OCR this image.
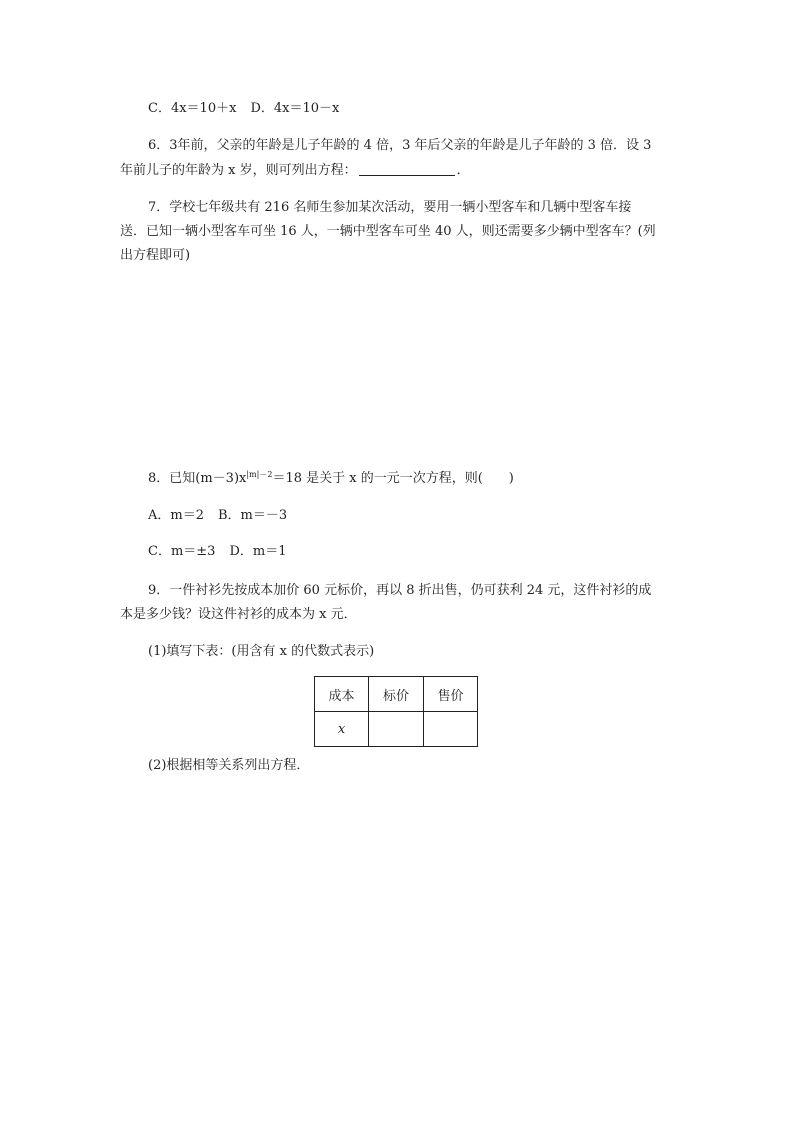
C．4x＝10＋x D．4x＝10－x
6．3年前，父亲的年龄是儿子年龄的 4 倍，3 年后父亲的年龄是儿子年龄的 3 倍．设 3
年前儿子的年龄为 x 岁，则可列出方程：	．
7．学校七年级共有 216 名师生参加某次活动，要用一辆小型客车和几辆中型客车接
送．已知一辆小型客车可坐 16 人，一辆中型客车可坐 40 人，则还需要多少辆中型客车？(列
出方程即可)
8．已知$(m-3)x^{|m|-2}=18$ 是关于 x 的一元一次方程，则(　　)
A．m＝2 B．m＝－3
C．m＝±3 D．m＝1
9．一件衬衫先按成本加价 60 元标价，再以 8 折出售，仍可获利 24 元，这件衬衫的成
本是多少钱？设这件衬衫的成本为 x 元．
(1)填写下表：(用含有 x 的代数式表示)
成本	标价	售价
x		
(2)根据相等关系列出方程．
